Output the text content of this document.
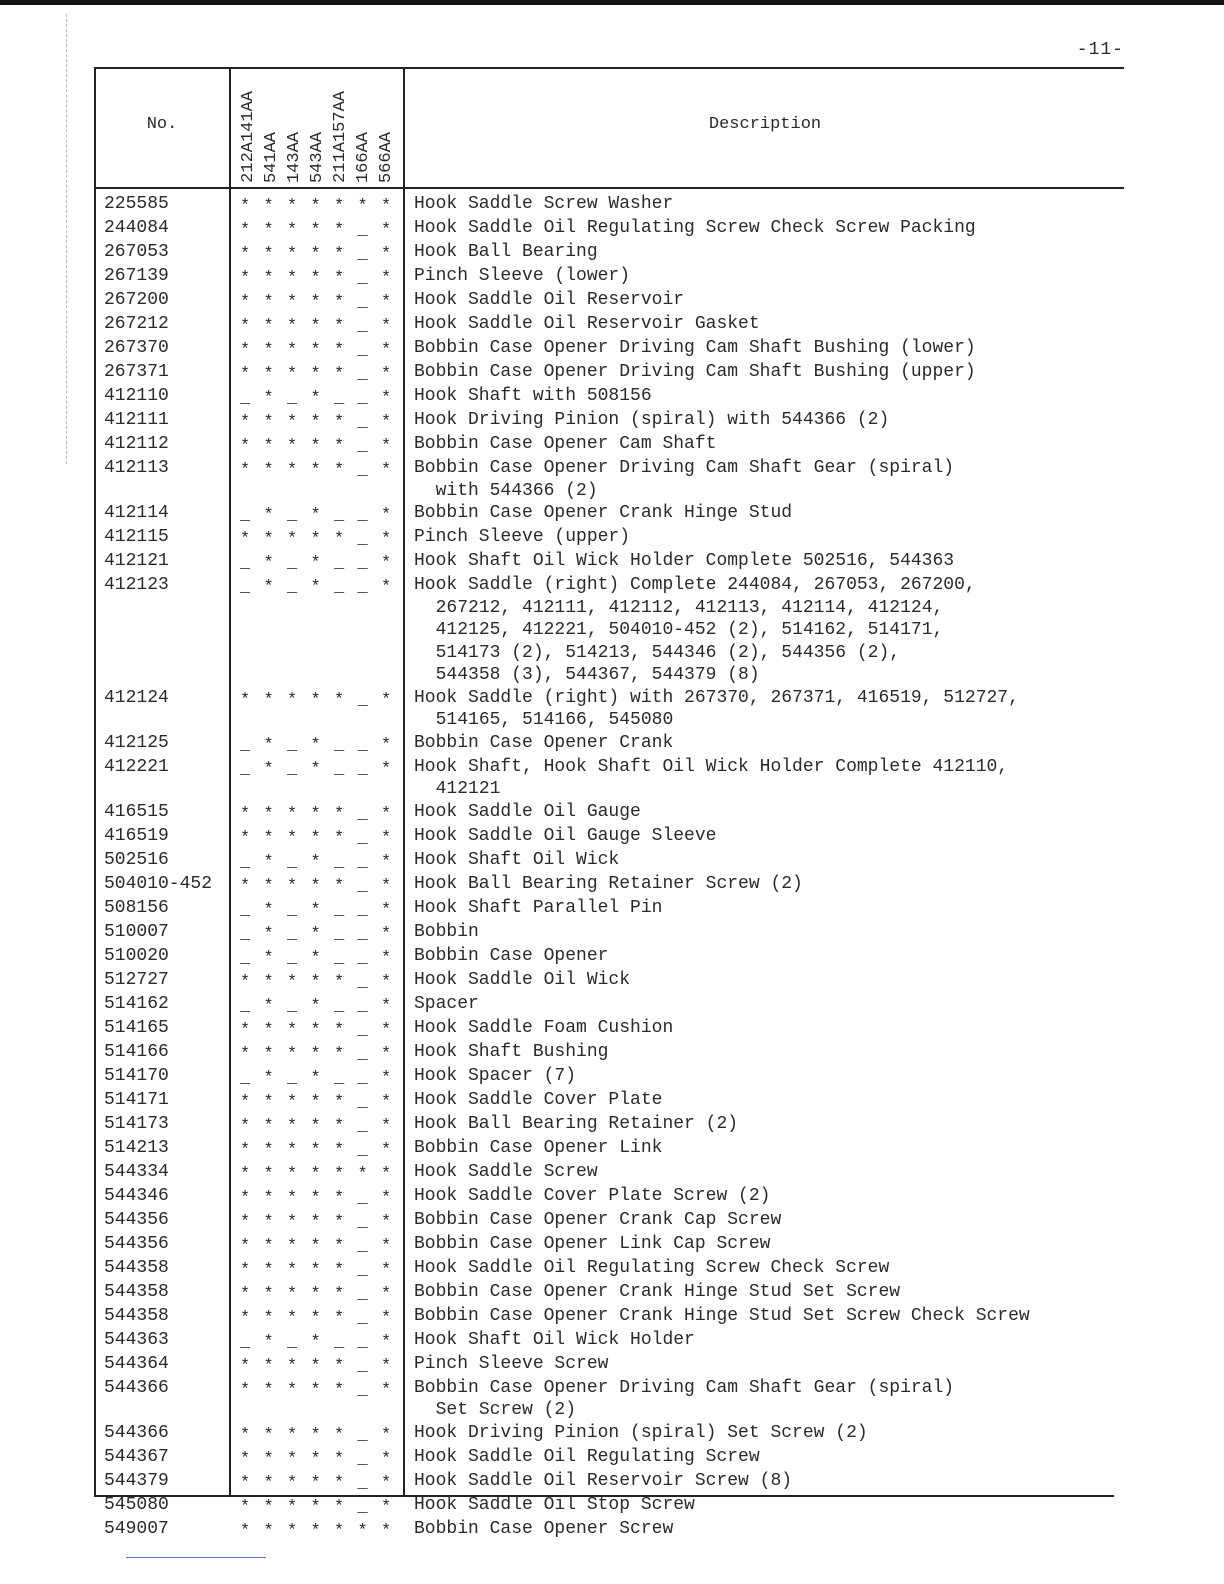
-11-
No.	212A141AA 541AA 143AA 543AA 211A157AA 166AA 566AA
Description
225585	* * * * * * *	Hook Saddle Screw Washer
244084	* * * * * _ *	Hook Saddle Oil Regulating Screw Check Screw Packing
267053	* * * * * _ *	Hook Ball Bearing
267139	* * * * * _ *	Pinch Sleeve (lower)
267200	* * * * * _ *	Hook Saddle Oil Reservoir
267212	* * * * * _ *	Hook Saddle Oil Reservoir Gasket
267370	* * * * * _ *	Bobbin Case Opener Driving Cam Shaft Bushing (lower)
267371	* * * * * _ *	Bobbin Case Opener Driving Cam Shaft Bushing (upper)
412110	_ * _ * _ _ *	Hook Shaft with 508156
412111	* * * * * _ *	Hook Driving Pinion (spiral) with 544366 (2)
412112	* * * * * _ *	Bobbin Case Opener Cam Shaft
412113	* * * * * _ *	Bobbin Case Opener Driving Cam Shaft Gear (spiral)
with 544366 (2)
412114	_ * _ * _ _ *	Bobbin Case Opener Crank Hinge Stud
412115	* * * * * _ *	Pinch Sleeve (upper)
412121	_ * _ * _ _ *	Hook Shaft Oil Wick Holder Complete 502516, 544363
412123	_ * _ * _ _ *	Hook Saddle (right) Complete 244084, 267053, 267200,
267212, 412111, 412112, 412113, 412114, 412124,
412125, 412221, 504010-452 (2), 514162, 514171,
514173 (2), 514213, 544346 (2), 544356 (2),
544358 (3), 544367, 544379 (8)
412124	* * * * * _ *	Hook Saddle (right) with 267370, 267371, 416519, 512727,
514165, 514166, 545080
412125	_ * _ * _ _ *	Bobbin Case Opener Crank
412221	_ * _ * _ _ *	Hook Shaft, Hook Shaft Oil Wick Holder Complete 412110,
412121
416515	* * * * * _ *	Hook Saddle Oil Gauge
416519	* * * * * _ *	Hook Saddle Oil Gauge Sleeve
502516	_ * _ * _ _ *	Hook Shaft Oil Wick
504010-452	* * * * * _ *	Hook Ball Bearing Retainer Screw (2)
508156	_ * _ * _ _ *	Hook Shaft Parallel Pin
510007	_ * _ * _ _ *	Bobbin
510020	_ * _ * _ _ *	Bobbin Case Opener
512727	* * * * * _ *	Hook Saddle Oil Wick
514162	_ * _ * _ _ *	Spacer
514165	* * * * * _ *	Hook Saddle Foam Cushion
514166	* * * * * _ *	Hook Shaft Bushing
514170	_ * _ * _ _ *	Hook Spacer (7)
514171	* * * * * _ *	Hook Saddle Cover Plate
514173	* * * * * _ *	Hook Ball Bearing Retainer (2)
514213	* * * * * _ *	Bobbin Case Opener Link
544334	* * * * * * *	Hook Saddle Screw
544346	* * * * * _ *	Hook Saddle Cover Plate Screw (2)
544356	* * * * * _ *	Bobbin Case Opener Crank Cap Screw
544356	* * * * * _ *	Bobbin Case Opener Link Cap Screw
544358	* * * * * _ *	Hook Saddle Oil Regulating Screw Check Screw
544358	* * * * * _ *	Bobbin Case Opener Crank Hinge Stud Set Screw
544358	* * * * * _ *	Bobbin Case Opener Crank Hinge Stud Set Screw Check Screw
544363	_ * _ * _ _ *	Hook Shaft Oil Wick Holder
544364	* * * * * _ *	Pinch Sleeve Screw
544366	* * * * * _ *	Bobbin Case Opener Driving Cam Shaft Gear (spiral)
Set Screw (2)
544366	* * * * * _ *	Hook Driving Pinion (spiral) Set Screw (2)
544367	* * * * * _ *	Hook Saddle Oil Regulating Screw
544379	* * * * * _ *	Hook Saddle Oil Reservoir Screw (8)
545080	* * * * * _ *	Hook Saddle Oil Stop Screw
549007	* * * * * * *	Bobbin Case Opener Screw
